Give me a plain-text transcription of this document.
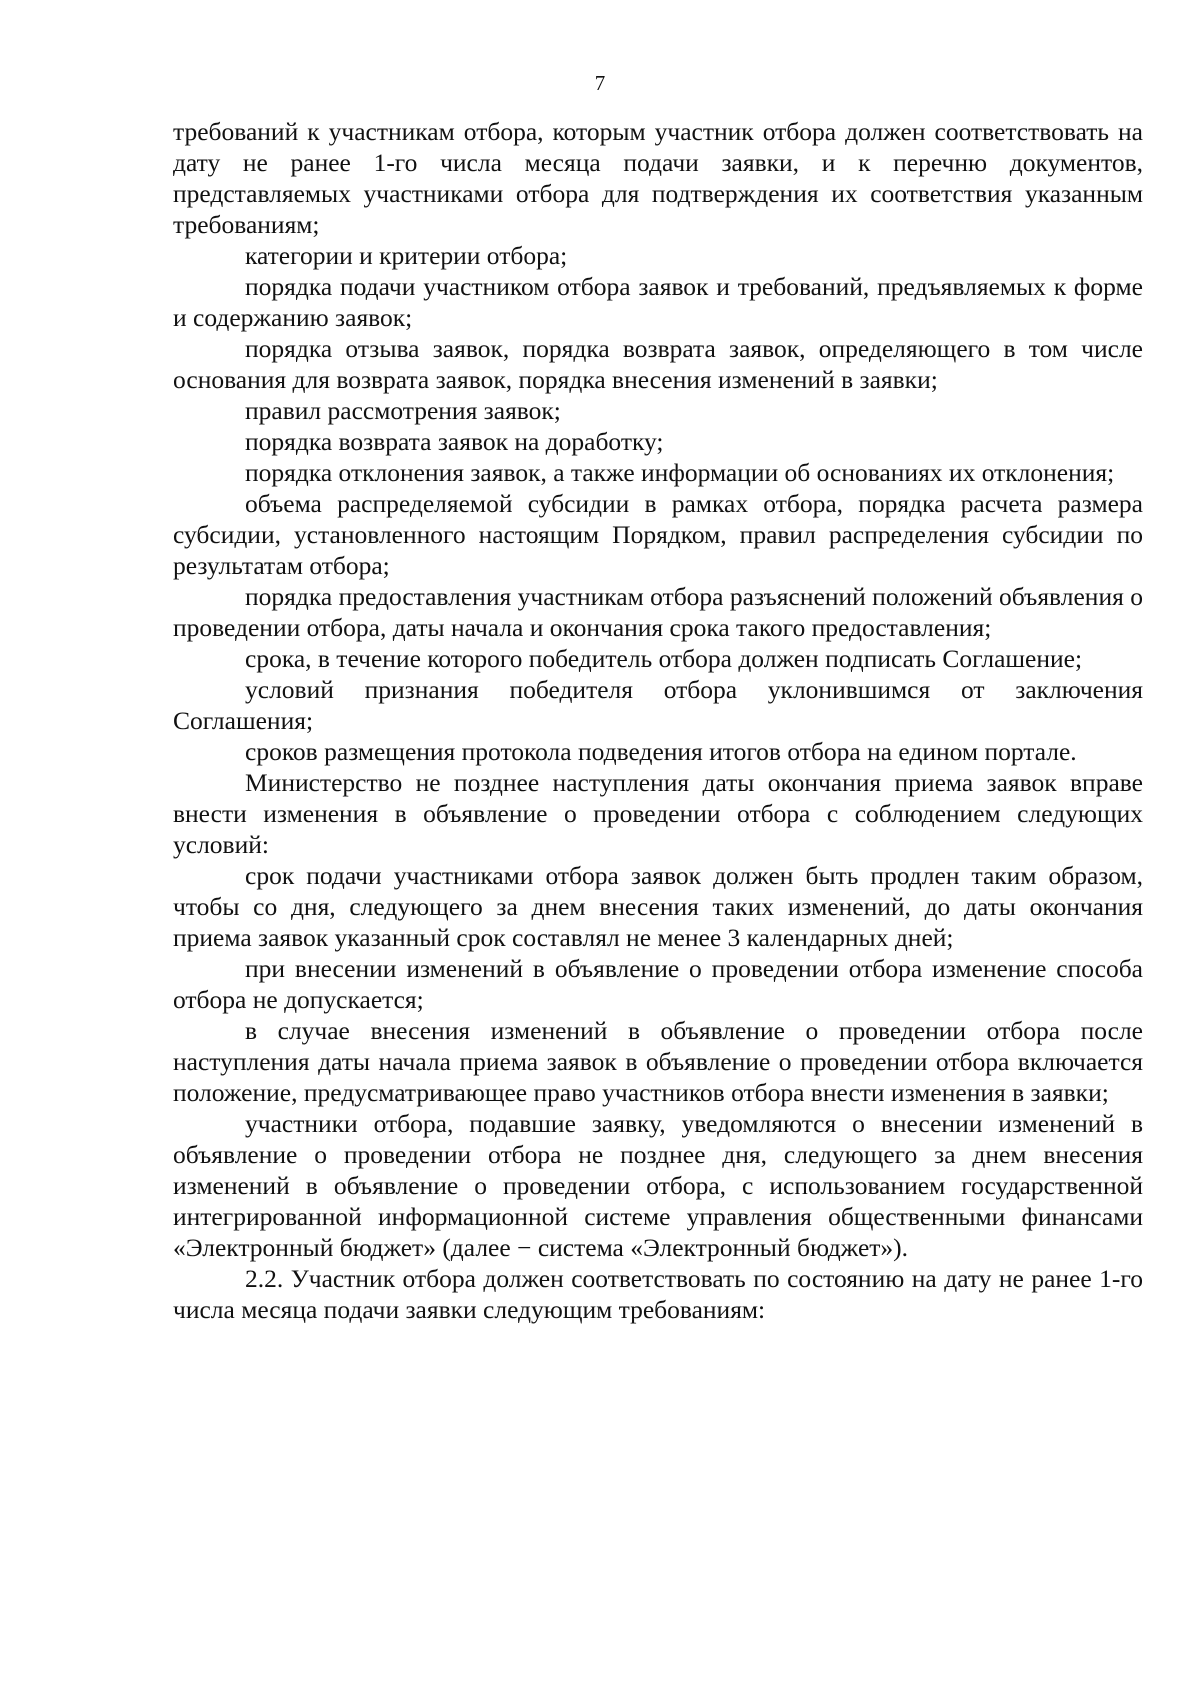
7

требований к участникам отбора, которым участник отбора должен соответствовать на дату не ранее 1-го числа месяца подачи заявки, и к перечню документов, представляемых участниками отбора для подтверждения их соответствия указанным требованиям;

категории и критерии отбора;

порядка подачи участником отбора заявок и требований, предъявляемых к форме и содержанию заявок;

порядка отзыва заявок, порядка возврата заявок, определяющего в том числе основания для возврата заявок, порядка внесения изменений в заявки;

правил рассмотрения заявок;

порядка возврата заявок на доработку;

порядка отклонения заявок, а также информации об основаниях их отклонения;

объема распределяемой субсидии в рамках отбора, порядка расчета размера субсидии, установленного настоящим Порядком, правил распределения субсидии по результатам отбора;

порядка предоставления участникам отбора разъяснений положений объявления о проведении отбора, даты начала и окончания срока такого предоставления;

срока, в течение которого победитель отбора должен подписать Соглашение;

условий признания победителя отбора уклонившимся от заключения Соглашения;

сроков размещения протокола подведения итогов отбора на едином портале.

Министерство не позднее наступления даты окончания приема заявок вправе внести изменения в объявление о проведении отбора с соблюдением следующих условий:

срок подачи участниками отбора заявок должен быть продлен таким образом, чтобы со дня, следующего за днем внесения таких изменений, до даты окончания приема заявок указанный срок составлял не менее 3 календарных дней;

при внесении изменений в объявление о проведении отбора изменение способа отбора не допускается;

в случае внесения изменений в объявление о проведении отбора после наступления даты начала приема заявок в объявление о проведении отбора включается положение, предусматривающее право участников отбора внести изменения в заявки;

участники отбора, подавшие заявку, уведомляются о внесении изменений в объявление о проведении отбора не позднее дня, следующего за днем внесения изменений в объявление о проведении отбора, с использованием государственной интегрированной информационной системе управления общественными финансами «Электронный бюджет» (далее − система «Электронный бюджет»).

2.2. Участник отбора должен соответствовать по состоянию на дату не ранее 1-го числа месяца подачи заявки следующим требованиям:
